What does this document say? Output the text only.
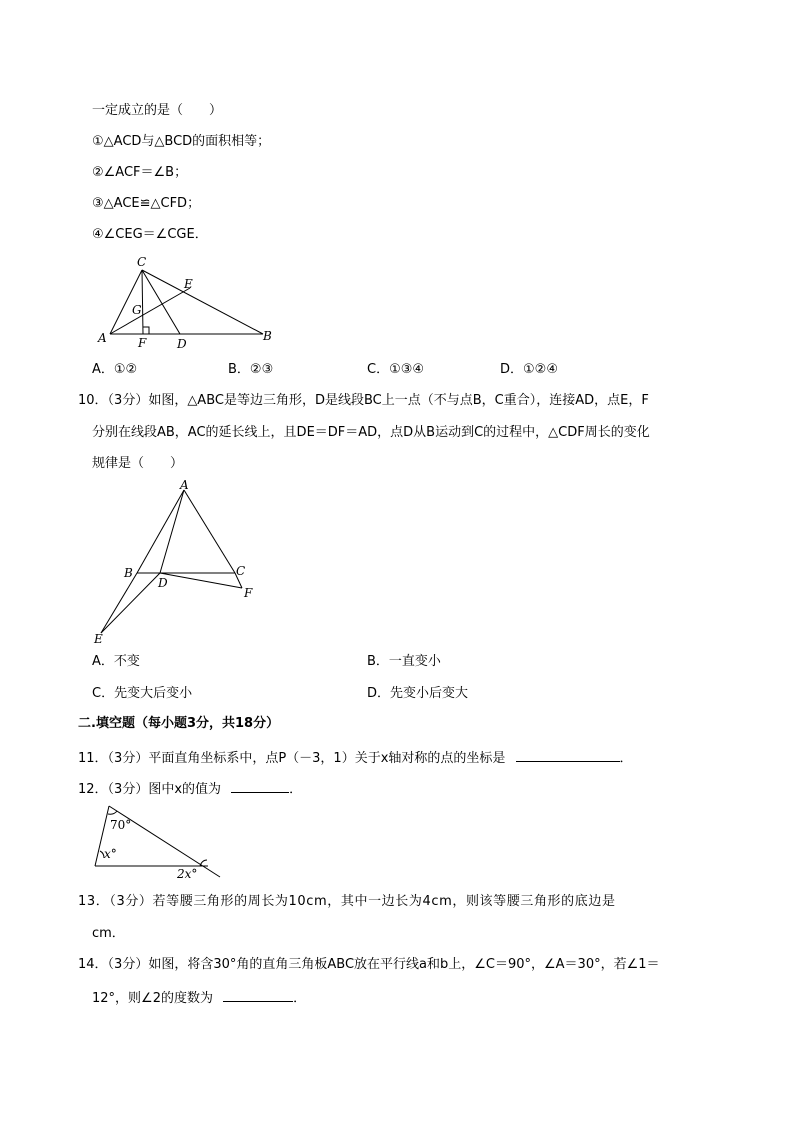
一定成立的是（　　）
①△ACD与△BCD的面积相等；
②∠ACF＝∠B；
③△ACE≌△CFD；
④∠CEG＝∠CGE．
C
E
G
A	F	D
B
A．①②	B．②③	C．①③④	D．①②④
10．（3分）如图，△ABC是等边三角形，D是线段BC上一点（不与点B，C重合），连接AD，点E，F
分别在线段AB，AC的延长线上，且DE＝DF＝AD，点D从B运动到C的过程中，△CDF周长的变化
规律是（　　）
A
B	C
D
F
E
A．不变	B．一直变小
C．先变大后变小	D．先变小后变大
二.填空题（每小题3分，共18分）
11．（3分）平面直角坐标系中，点P（－3，1）关于x轴对称的点的坐标是	．
12．（3分）图中x的值为	．
70°
x°
2x°
13．（3分）若等腰三角形的周长为10cm，其中一边长为4cm，则该等腰三角形的底边是
cm．
14．（3分）如图，将含30°角的直角三角板ABC放在平行线a和b上，∠C＝90°，∠A＝30°，若∠1＝
12°，则∠2的度数为	．
